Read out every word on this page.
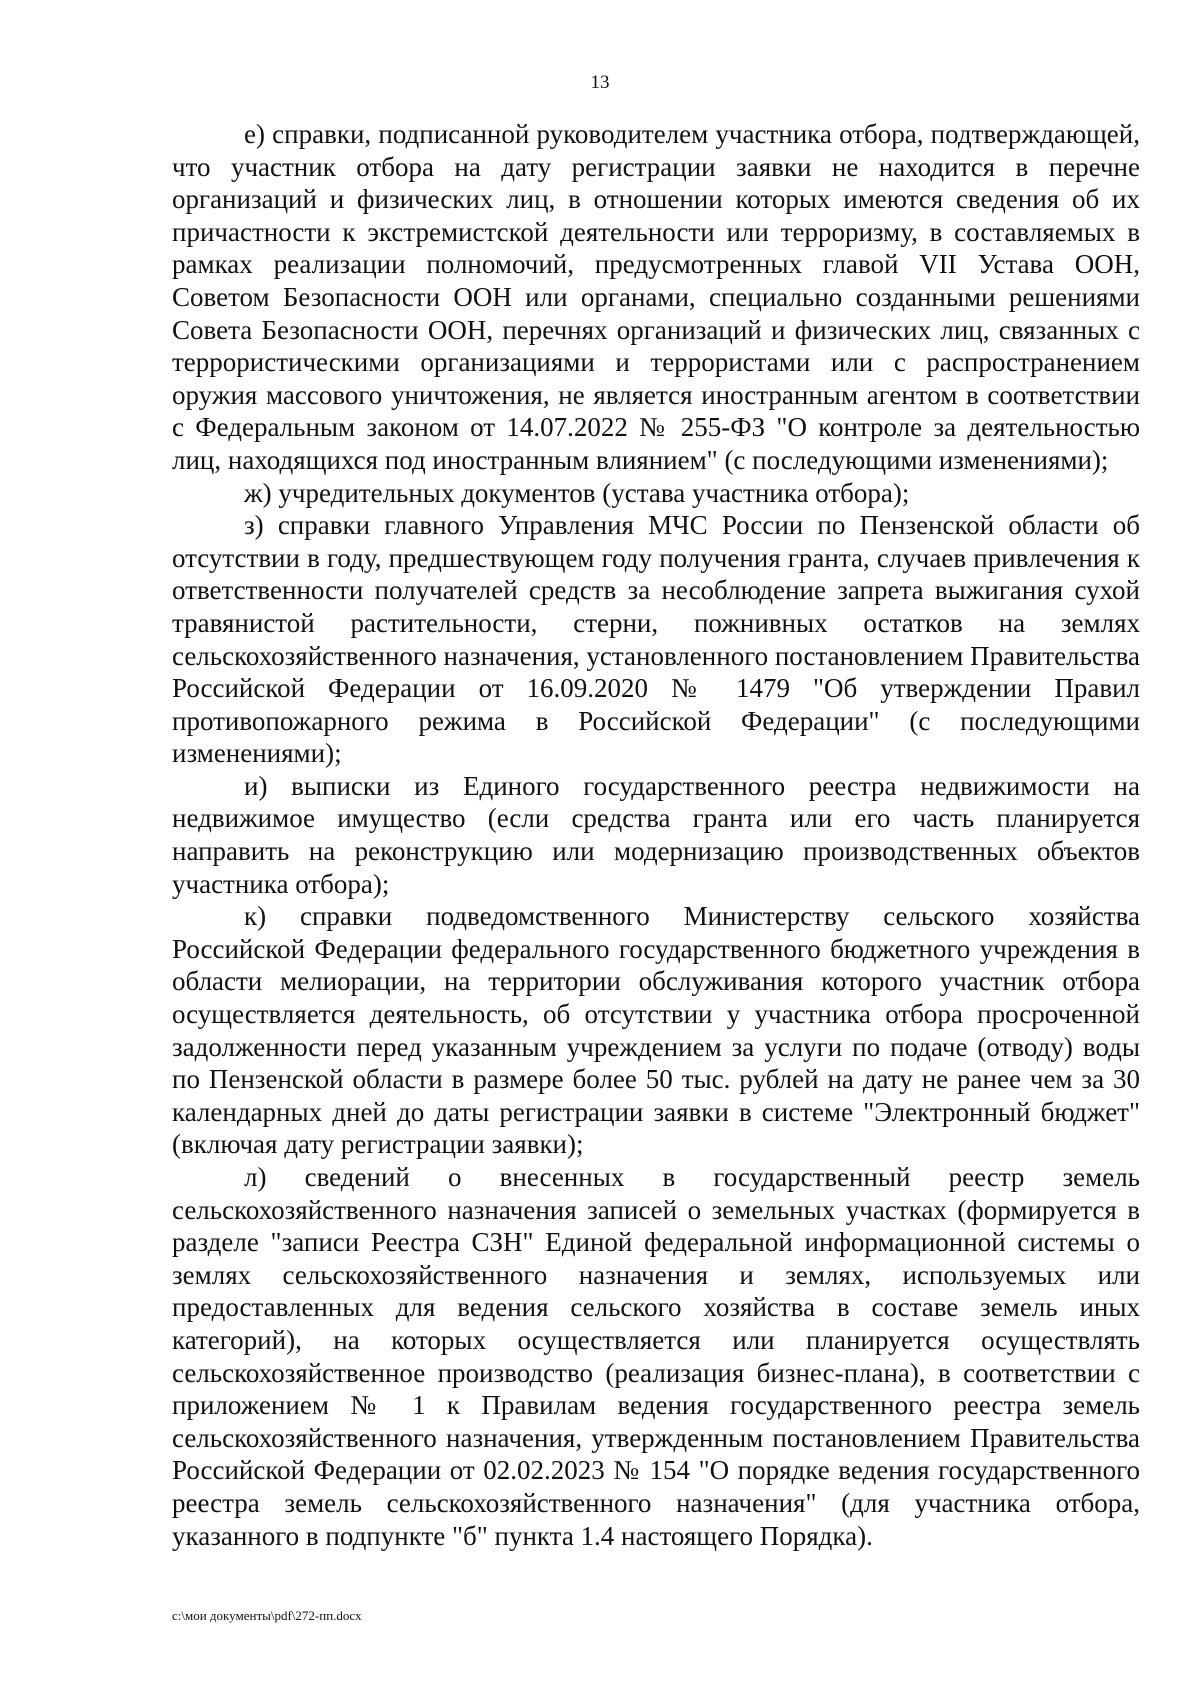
13

е) справки, подписанной руководителем участника отбора, подтверждающей, что участник отбора на дату регистрации заявки не находится в перечне организаций и физических лиц, в отношении которых имеются сведения об их причастности к экстремистской деятельности или терроризму, в составляемых в рамках реализации полномочий, предусмотренных главой VII Устава ООН, Советом Безопасности ООН или органами, специально созданными решениями Совета Безопасности ООН, перечнях организаций и физических лиц, связанных с террористическими организациями и террористами или с распространением оружия массового уничтожения, не является иностранным агентом в соответствии с Федеральным законом от 14.07.2022 № 255-ФЗ "О контроле за деятельностью лиц, находящихся под иностранным влиянием" (с последующими изменениями);

ж) учредительных документов (устава участника отбора);

з) справки главного Управления МЧС России по Пензенской области об отсутствии в году, предшествующем году получения гранта, случаев привлечения к ответственности получателей средств за несоблюдение запрета выжигания сухой травянистой растительности, стерни, пожнивных остатков на землях сельскохозяйственного назначения, установленного постановлением Правительства Российской Федерации от 16.09.2020 № 1479 "Об утверждении Правил противопожарного режима в Российской Федерации" (с последующими изменениями);

и) выписки из Единого государственного реестра недвижимости на недвижимое имущество (если средства гранта или его часть планируется направить на реконструкцию или модернизацию производственных объектов участника отбора);

к) справки подведомственного Министерству сельского хозяйства Российской Федерации федерального государственного бюджетного учреждения в области мелиорации, на территории обслуживания которого участник отбора осуществляется деятельность, об отсутствии у участника отбора просроченной задолженности перед указанным учреждением за услуги по подаче (отводу) воды по Пензенской области в размере более 50 тыс. рублей на дату не ранее чем за 30 календарных дней до даты регистрации заявки в системе "Электронный бюджет" (включая дату регистрации заявки);

л) сведений о внесенных в государственный реестр земель сельскохозяйственного назначения записей о земельных участках (формируется в разделе "записи Реестра СЗН" Единой федеральной информационной системы о землях сельскохозяйственного назначения и землях, используемых или предоставленных для ведения сельского хозяйства в составе земель иных категорий), на которых осуществляется или планируется осуществлять сельскохозяйственное производство (реализация бизнес-плана), в соответствии с приложением № 1 к Правилам ведения государственного реестра земель сельскохозяйственного назначения, утвержденным постановлением Правительства Российской Федерации от 02.02.2023 № 154 "О порядке ведения государственного реестра земель сельскохозяйственного назначения" (для участника отбора, указанного в подпункте "б" пункта 1.4 настоящего Порядка).

c:\мои документы\pdf\272-пп.docx
